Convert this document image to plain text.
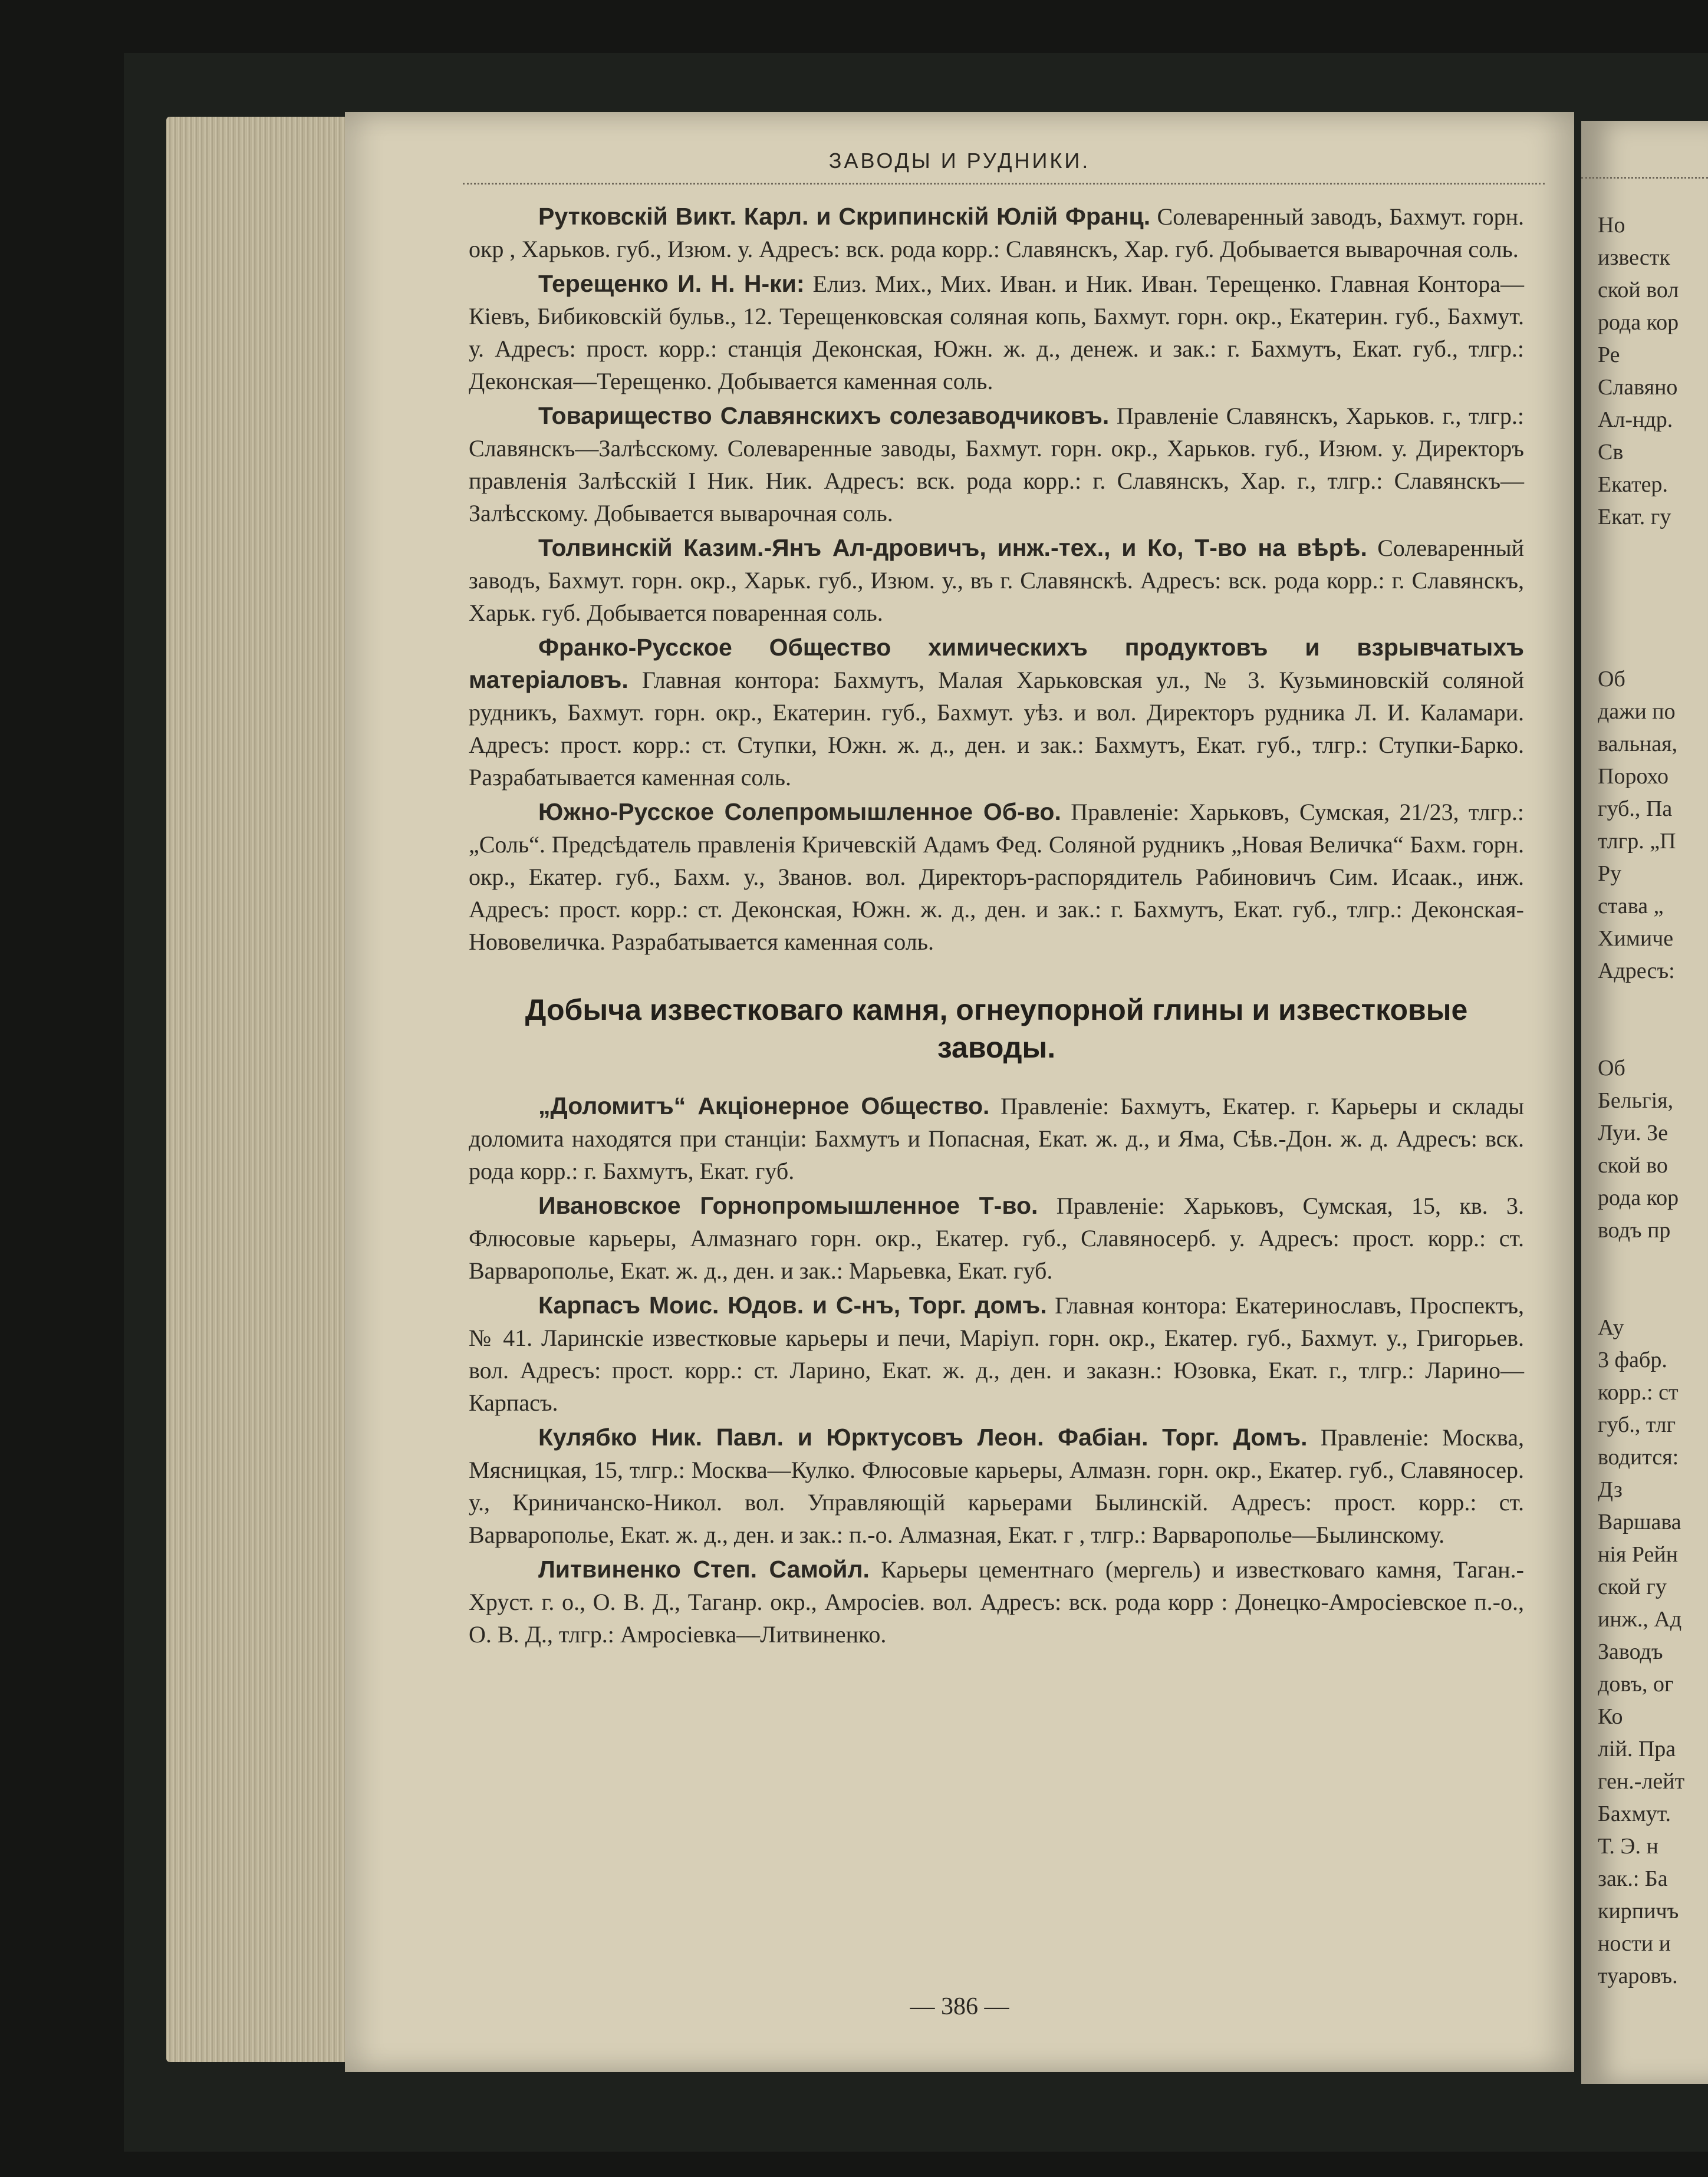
ЗАВОДЫ И РУДНИКИ.

Рутковскій Викт. Карл. и Скрипинскій Юлій Франц. Солеваренный заводъ, Бахмут. горн. окр , Харьков. губ., Изюм. у. Адресъ: вск. рода корр.: Славянскъ, Хар. губ. Добывается выварочная соль.

Терещенко И. Н. Н-ки: Елиз. Мих., Мих. Иван. и Ник. Иван. Терещенко. Главная Контора—Кіевъ, Бибиковскій бульв., 12. Терещенковская соляная копь, Бахмут. горн. окр., Екатерин. губ., Бахмут. у. Адресъ: прост. корр.: станція Деконская, Южн. ж. д., денеж. и зак.: г. Бахмутъ, Екат. губ., тлгр.: Деконская—Терещенко. Добывается каменная соль.

Товарищество Славянскихъ солезаводчиковъ. Правленіе Славянскъ, Харьков. г., тлгр.: Славянскъ—Залѣсскому. Солеваренные заводы, Бахмут. горн. окр., Харьков. губ., Изюм. у. Директоръ правленія Залѣсскій I Ник. Ник. Адресъ: вск. рода корр.: г. Славянскъ, Хар. г., тлгр.: Славянскъ—Залѣсскому. Добывается выварочная соль.

Толвинскій Казим.-Янъ Ал-дровичъ, инж.-тех., и Ко, Т-во на вѣрѣ. Солеваренный заводъ, Бахмут. горн. окр., Харьк. губ., Изюм. у., въ г. Славянскѣ. Адресъ: вск. рода корр.: г. Славянскъ, Харьк. губ. Добывается поваренная соль.

Франко-Русское Общество химическихъ продуктовъ и взрывчатыхъ матеріаловъ. Главная контора: Бахмутъ, Малая Харьковская ул., № 3. Кузьминовскій соляной рудникъ, Бахмут. горн. окр., Екатерин. губ., Бахмут. уѣз. и вол. Директоръ рудника Л. И. Каламари. Адресъ: прост. корр.: ст. Ступки, Южн. ж. д., ден. и зак.: Бахмутъ, Екат. губ., тлгр.: Ступки-Барко. Разрабатывается каменная соль.

Южно-Русское Солепромышленное Об-во. Правленіе: Харьковъ, Сумская, 21/23, тлгр.: „Соль“. Предсѣдатель правленія Кричевскій Адамъ Фед. Соляной рудникъ „Новая Величка“ Бахм. горн. окр., Екатер. губ., Бахм. у., Званов. вол. Директоръ-распорядитель Рабиновичъ Сим. Исаак., инж. Адресъ: прост. корр.: ст. Деконская, Южн. ж. д., ден. и зак.: г. Бахмутъ, Екат. губ., тлгр.: Деконская-Нововеличка. Разрабатывается каменная соль.

Добыча известковаго камня, огнеупорной глины и известковые заводы.

„Доломитъ“ Акціонерное Общество. Правленіе: Бахмутъ, Екатер. г. Карьеры и склады доломита находятся при станціи: Бахмутъ и Попасная, Екат. ж. д., и Яма, Сѣв.-Дон. ж. д. Адресъ: вск. рода корр.: г. Бахмутъ, Екат. губ.

Ивановское Горнопромышленное Т-во. Правленіе: Харьковъ, Сумская, 15, кв. 3. Флюсовые карьеры, Алмазнаго горн. окр., Екатер. губ., Славяносерб. у. Адресъ: прост. корр.: ст. Варварополье, Екат. ж. д., ден. и зак.: Марьевка, Екат. губ.

Карпасъ Моис. Юдов. и С-нъ, Торг. домъ. Главная контора: Екатеринославъ, Проспектъ, № 41. Ларинскіе известковые карьеры и печи, Маріуп. горн. окр., Екатер. губ., Бахмут. у., Григорьев. вол. Адресъ: прост. корр.: ст. Ларино, Екат. ж. д., ден. и заказн.: Юзовка, Екат. г., тлгр.: Ларино—Карпасъ.

Кулябко Ник. Павл. и Юрктусовъ Леон. Фабіан. Торг. Домъ. Правленіе: Москва, Мясницкая, 15, тлгр.: Москва—Кулко. Флюсовые карьеры, Алмазн. горн. окр., Екатер. губ., Славяносер. у., Криничанско-Никол. вол. Управляющій карьерами Былинскій. Адресъ: прост. корр.: ст. Варварополье, Екат. ж. д., ден. и зак.: п.-о. Алмазная, Екат. г , тлгр.: Варварополье—Былинскому.

Литвиненко Степ. Самойл. Карьеры цементнаго (мергель) и известковаго камня, Таган.-Хруст. г. о., О. В. Д., Таганр. окр., Амросіев. вол. Адресъ: вск. рода корр : Донецко-Амросіевское п.-о., О. В. Д., тлгр.: Амросіевка—Литвиненко.

— 386 —
Но
известк
ской вол
рода кор
Ре
Славяно
Ал-ндр.
Св
Екатер.
Екат. гу
Об
дажи по
вальная,
Порохо
губ., Па
тлгр. „П
Ру
става „
Химиче
Адресъ:
Об
Бельгія,
Луи. Зе
ской во
рода кор
водъ пр
Ау
3 фабр.
корр.: ст
губ., тлг
водится:
Дз
Варшава
нія Рейн
ской гу
инж., Ад
Заводъ
довъ, ог
Ко
лій. Пра
ген.-лейт
Бахмут.
Т. Э. н
зак.: Ба
кирпичъ
ности и
туаровъ.
